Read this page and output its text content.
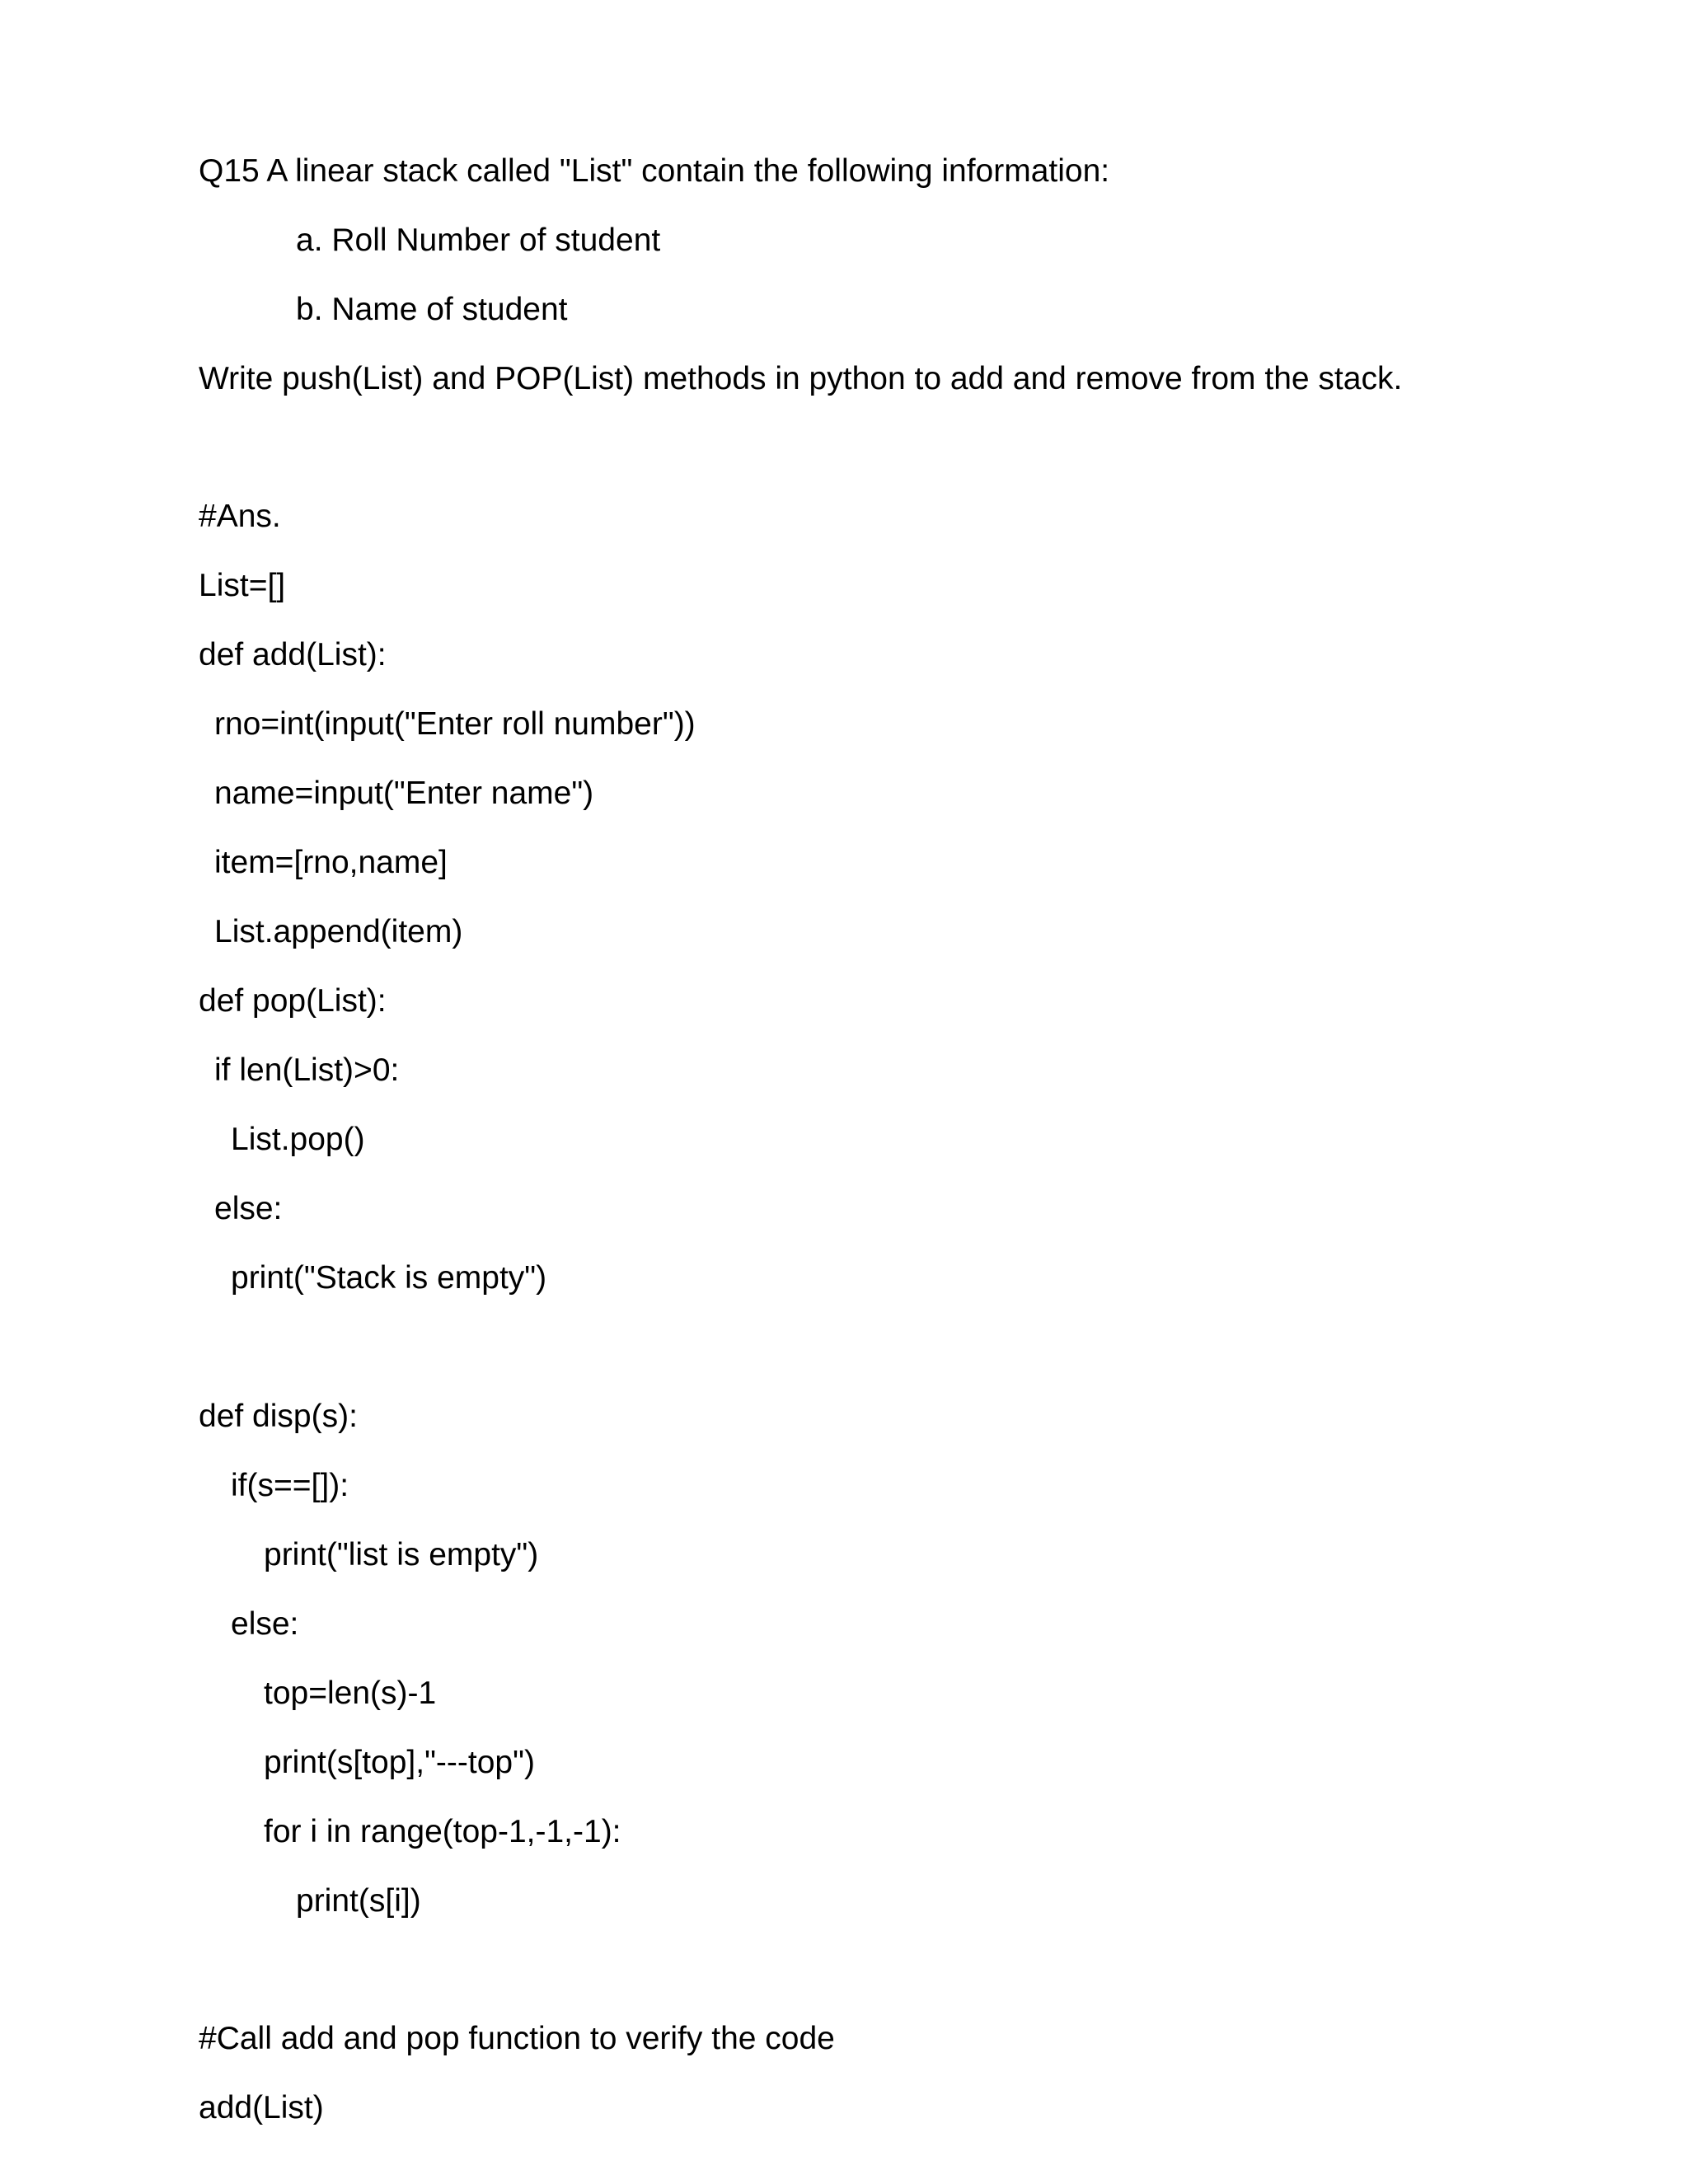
Q15 A linear stack called "List" contain the following information:
a. Roll Number of student
b. Name of student
Write push(List) and POP(List) methods in python to add and remove from the stack.
#Ans.
List=[]
def add(List):
rno=int(input("Enter roll number"))
name=input("Enter name")
item=[rno,name]
List.append(item)
def pop(List):
if len(List)>0:
List.pop()
else:
print("Stack is empty")
def disp(s):
if(s==[]):
print("list is empty")
else:
top=len(s)-1
print(s[top],"---top")
for i in range(top-1,-1,-1):
print(s[i])
#Call add and pop function to verify the code
add(List)
